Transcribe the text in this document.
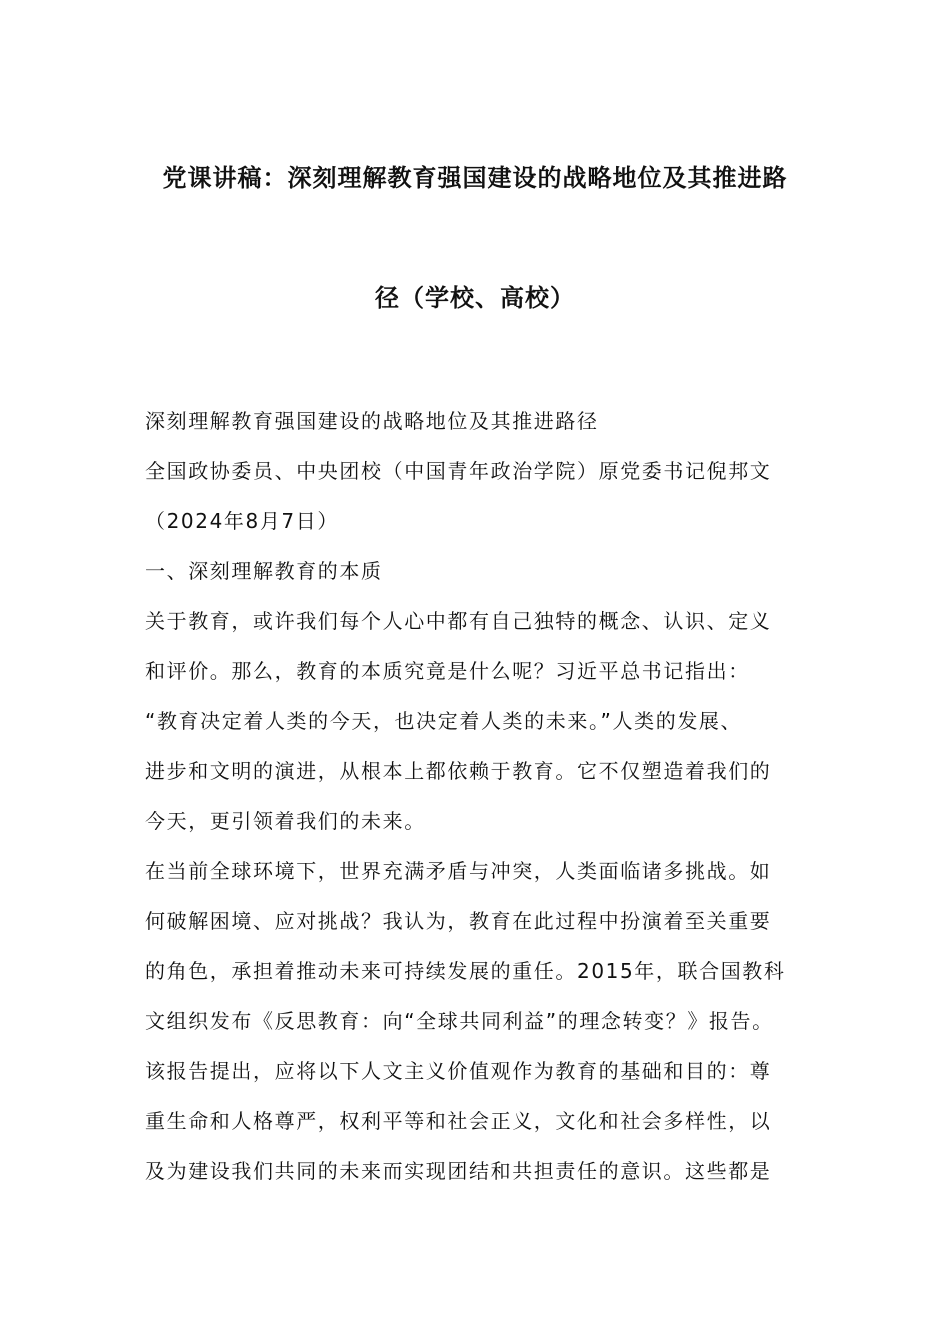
党课讲稿：深刻理解教育强国建设的战略地位及其推进路
径（学校、高校）
深刻理解教育强国建设的战略地位及其推进路径
全国政协委员、中央团校（中国青年政治学院）原党委书记倪邦文
（2024年8月7日）
一、深刻理解教育的本质
关于教育，或许我们每个人心中都有自己独特的概念、认识、定义
和评价。那么，教育的本质究竟是什么呢？习近平总书记指出：
“教育决定着人类的今天，也决定着人类的未来。”人类的发展、
进步和文明的演进，从根本上都依赖于教育。它不仅塑造着我们的
今天，更引领着我们的未来。
在当前全球环境下，世界充满矛盾与冲突，人类面临诸多挑战。如
何破解困境、应对挑战？我认为，教育在此过程中扮演着至关重要
的角色，承担着推动未来可持续发展的重任。2015年，联合国教科
文组织发布《反思教育：向“全球共同利益”的理念转变？》报告。
该报告提出，应将以下人文主义价值观作为教育的基础和目的：尊
重生命和人格尊严，权利平等和社会正义，文化和社会多样性，以
及为建设我们共同的未来而实现团结和共担责任的意识。这些都是
